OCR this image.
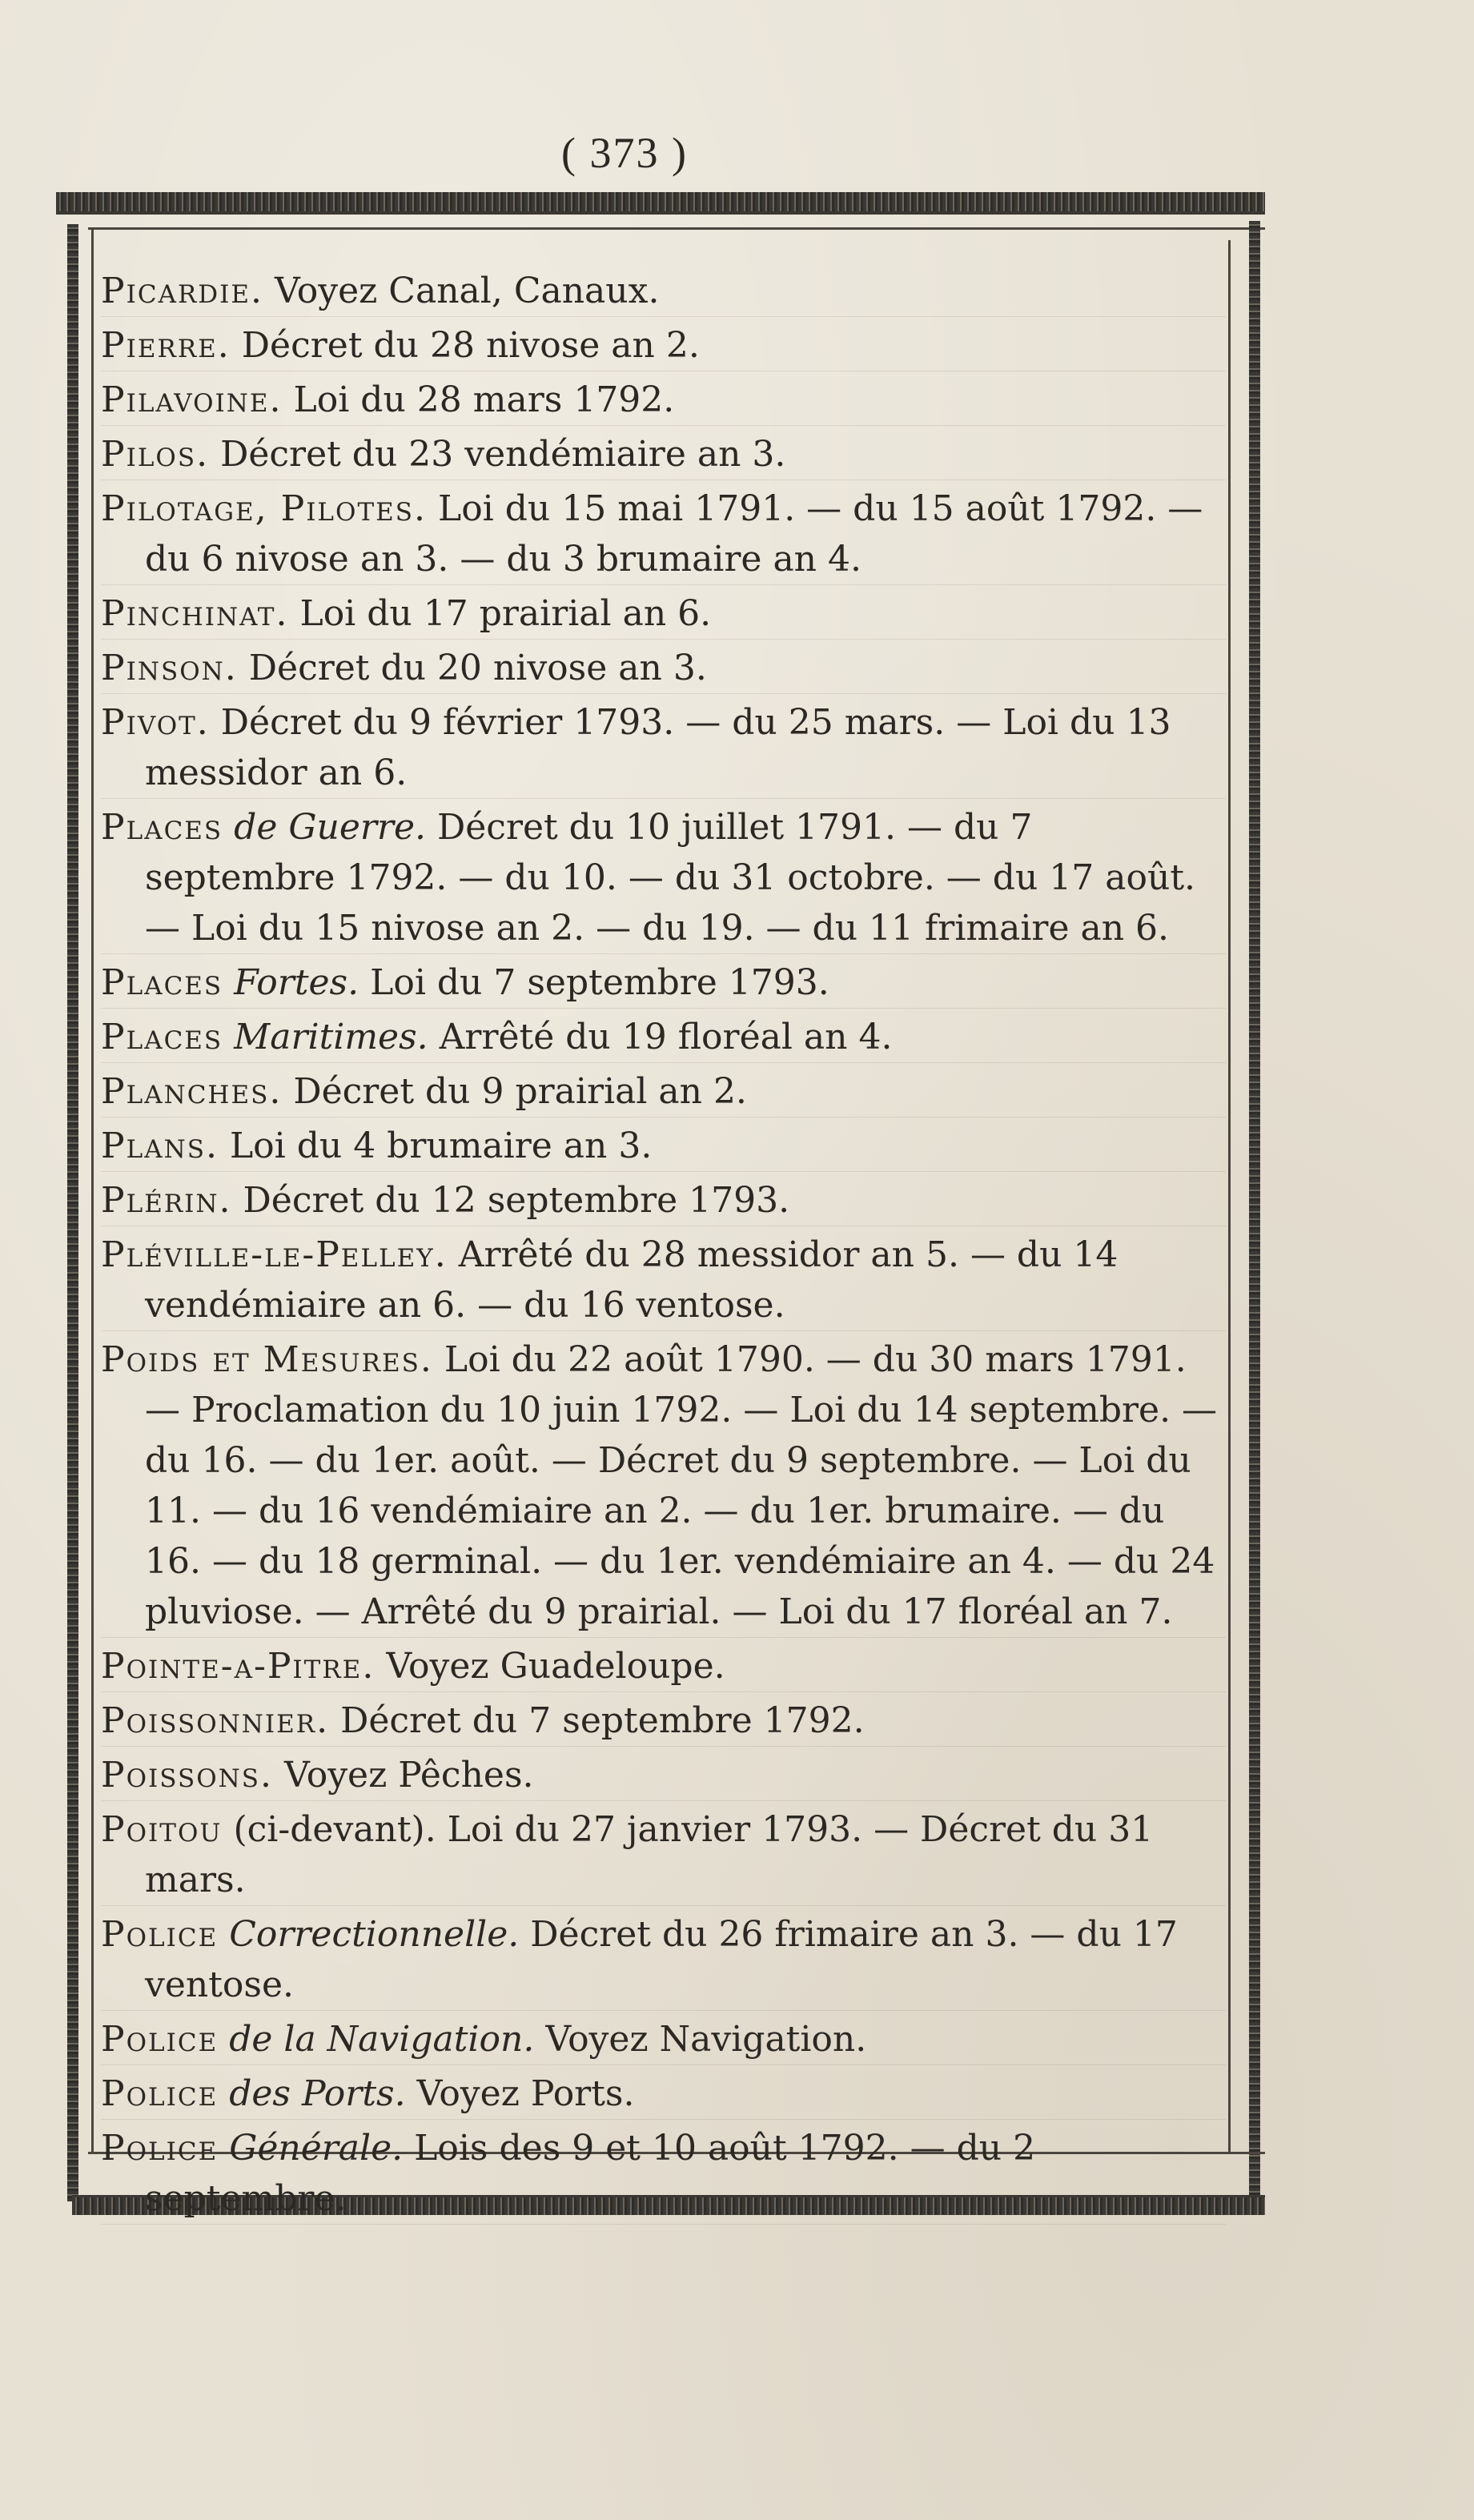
( 373 )
Picardie. Voyez Canal, Canaux.
Pierre. Décret du 28 nivose an 2.
Pilavoine. Loi du 28 mars 1792.
Pilos. Décret du 23 vendémiaire an 3.
Pilotage, Pilotes. Loi du 15 mai 1791. — du 15 août 1792. — du 6 nivose an 3. — du 3 brumaire an 4.
Pinchinat. Loi du 17 prairial an 6.
Pinson. Décret du 20 nivose an 3.
Pivot. Décret du 9 février 1793. — du 25 mars. — Loi du 13 messidor an 6.
Places de Guerre. Décret du 10 juillet 1791. — du 7 septembre 1792. — du 10. — du 31 octobre. — du 17 août. — Loi du 15 nivose an 2. — du 19. — du 11 frimaire an 6.
Places Fortes. Loi du 7 septembre 1793.
Places Maritimes. Arrêté du 19 floréal an 4.
Planches. Décret du 9 prairial an 2.
Plans. Loi du 4 brumaire an 3.
Plérin. Décret du 12 septembre 1793.
Pléville-le-Pelley. Arrêté du 28 messidor an 5. — du 14 vendémiaire an 6. — du 16 ventose.
Poids et Mesures. Loi du 22 août 1790. — du 30 mars 1791. — Proclamation du 10 juin 1792. — Loi du 14 septembre. — du 16. — du 1er. août. — Décret du 9 septembre. — Loi du 11. — du 16 vendémiaire an 2. — du 1er. brumaire. — du 16. — du 18 germinal. — du 1er. vendémiaire an 4. — du 24 pluviose. — Arrêté du 9 prairial. — Loi du 17 floréal an 7.
Pointe-a-Pitre. Voyez Guadeloupe.
Poissonnier. Décret du 7 septembre 1792.
Poissons. Voyez Pêches.
Poitou (ci-devant). Loi du 27 janvier 1793. — Décret du 31 mars.
Police Correctionnelle. Décret du 26 frimaire an 3. — du 17 ventose.
Police de la Navigation. Voyez Navigation.
Police des Ports. Voyez Ports.
Police Générale. Lois des 9 et 10 août 1792. — du 2 septembre.
